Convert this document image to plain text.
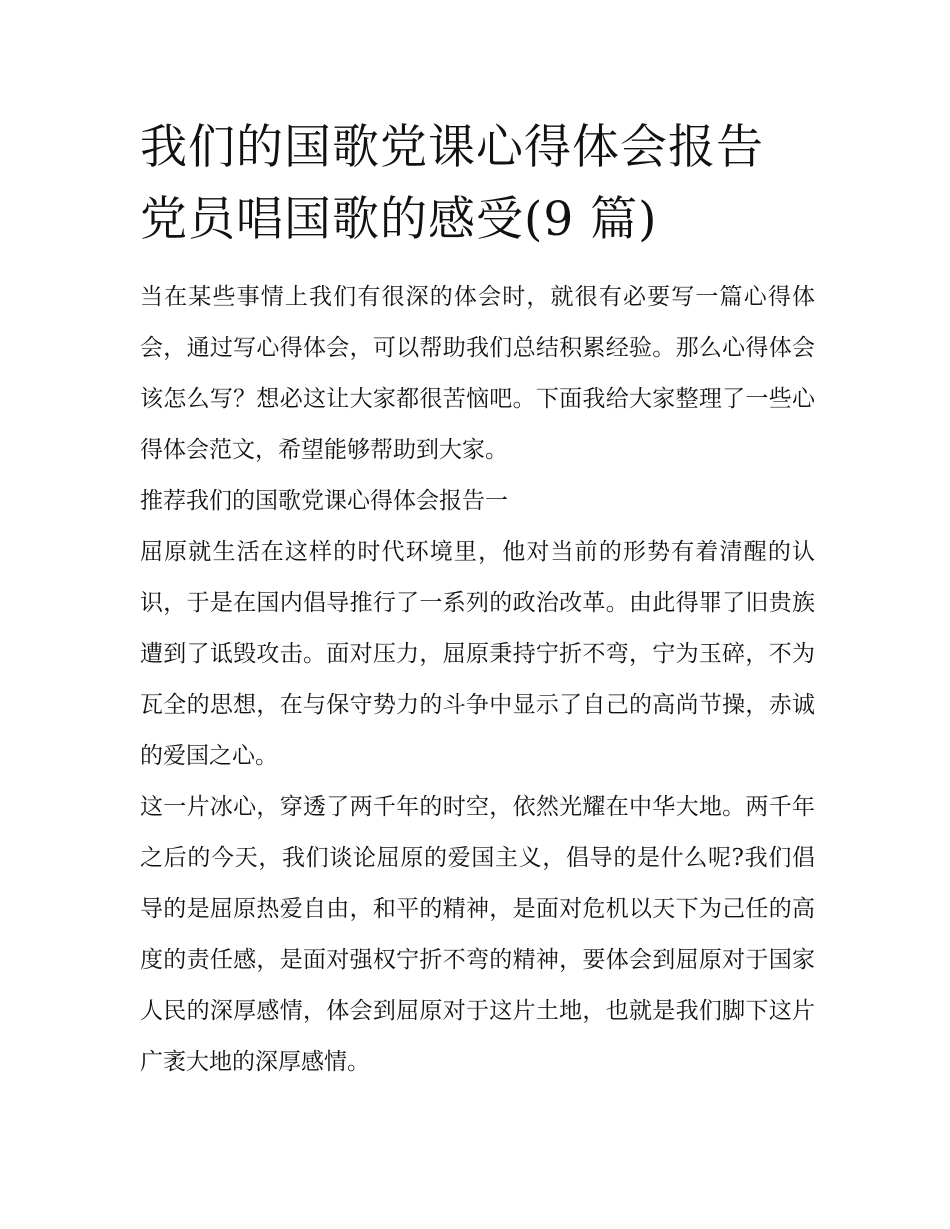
我们的国歌党课心得体会报告
党员唱国歌的感受(9 篇)

当在某些事情上我们有很深的体会时，就很有必要写一篇心得体会，通过写心得体会，可以帮助我们总结积累经验。那么心得体会该怎么写？想必这让大家都很苦恼吧。下面我给大家整理了一些心得体会范文，希望能够帮助到大家。

推荐我们的国歌党课心得体会报告一

屈原就生活在这样的时代环境里，他对当前的形势有着清醒的认识，于是在国内倡导推行了一系列的政治改革。由此得罪了旧贵族遭到了诋毁攻击。面对压力，屈原秉持宁折不弯，宁为玉碎，不为瓦全的思想，在与保守势力的斗争中显示了自己的高尚节操，赤诚的爱国之心。

这一片冰心，穿透了两千年的时空，依然光耀在中华大地。两千年之后的今天，我们谈论屈原的爱国主义，倡导的是什么呢?我们倡导的是屈原热爱自由，和平的精神，是面对危机以天下为己任的高度的责任感，是面对强权宁折不弯的精神，要体会到屈原对于国家人民的深厚感情，体会到屈原对于这片土地，也就是我们脚下这片广袤大地的深厚感情。
